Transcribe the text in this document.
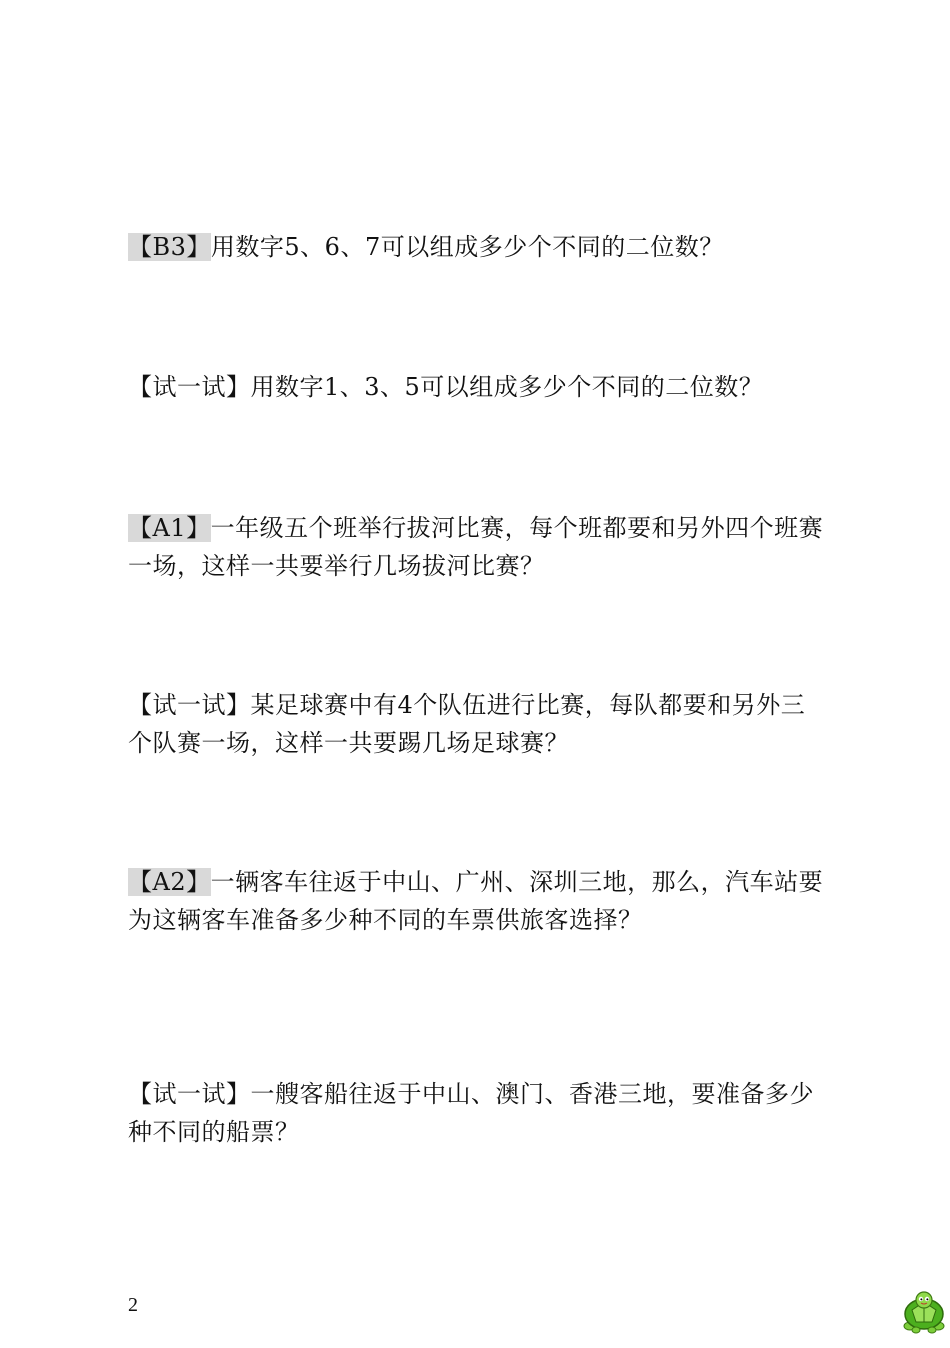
【B3】用数字5、6、7可以组成多少个不同的二位数？
【试一试】用数字1、3、5可以组成多少个不同的二位数？
【A1】一年级五个班举行拔河比赛，每个班都要和另外四个班赛一场，这样一共要举行几场拔河比赛？
【试一试】某足球赛中有4个队伍进行比赛，每队都要和另外三个队赛一场，这样一共要踢几场足球赛？
【A2】一辆客车往返于中山、广州、深圳三地，那么，汽车站要为这辆客车准备多少种不同的车票供旅客选择？
【试一试】一艘客船往返于中山、澳门、香港三地，要准备多少种不同的船票？
2
